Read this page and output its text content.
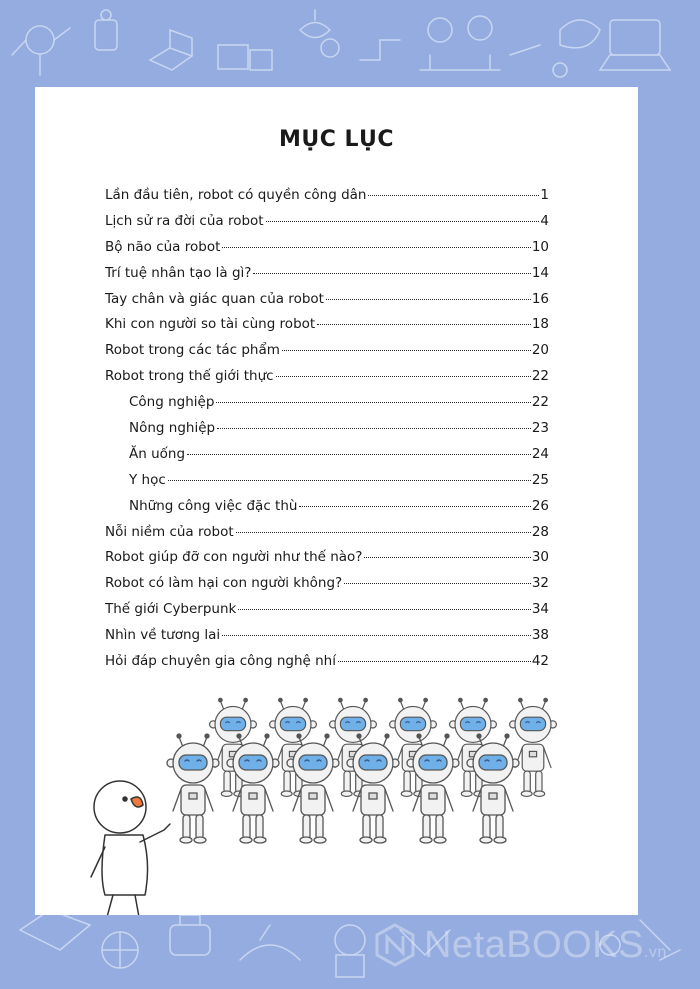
MỤC LỤC
Lần đầu tiên, robot có quyền công dân	1
Lịch sử ra đời của robot	4
Bộ não của robot	10
Trí tuệ nhân tạo là gì?	14
Tay chân và giác quan của robot	16
Khi con người so tài cùng robot	18
Robot trong các tác phẩm	20
Robot trong thế giới thực	22
Công nghiệp	22
Nông nghiệp	23
Ăn uống	24
Y học	25
Những công việc đặc thù	26
Nỗi niềm của robot	28
Robot giúp đỡ con người như thế nào?	30
Robot có làm hại con người không?	32
Thế giới Cyberpunk	34
Nhìn về tương lai	38
Hỏi đáp chuyên gia công nghệ nhí	42
NetaBOOKS.vn
